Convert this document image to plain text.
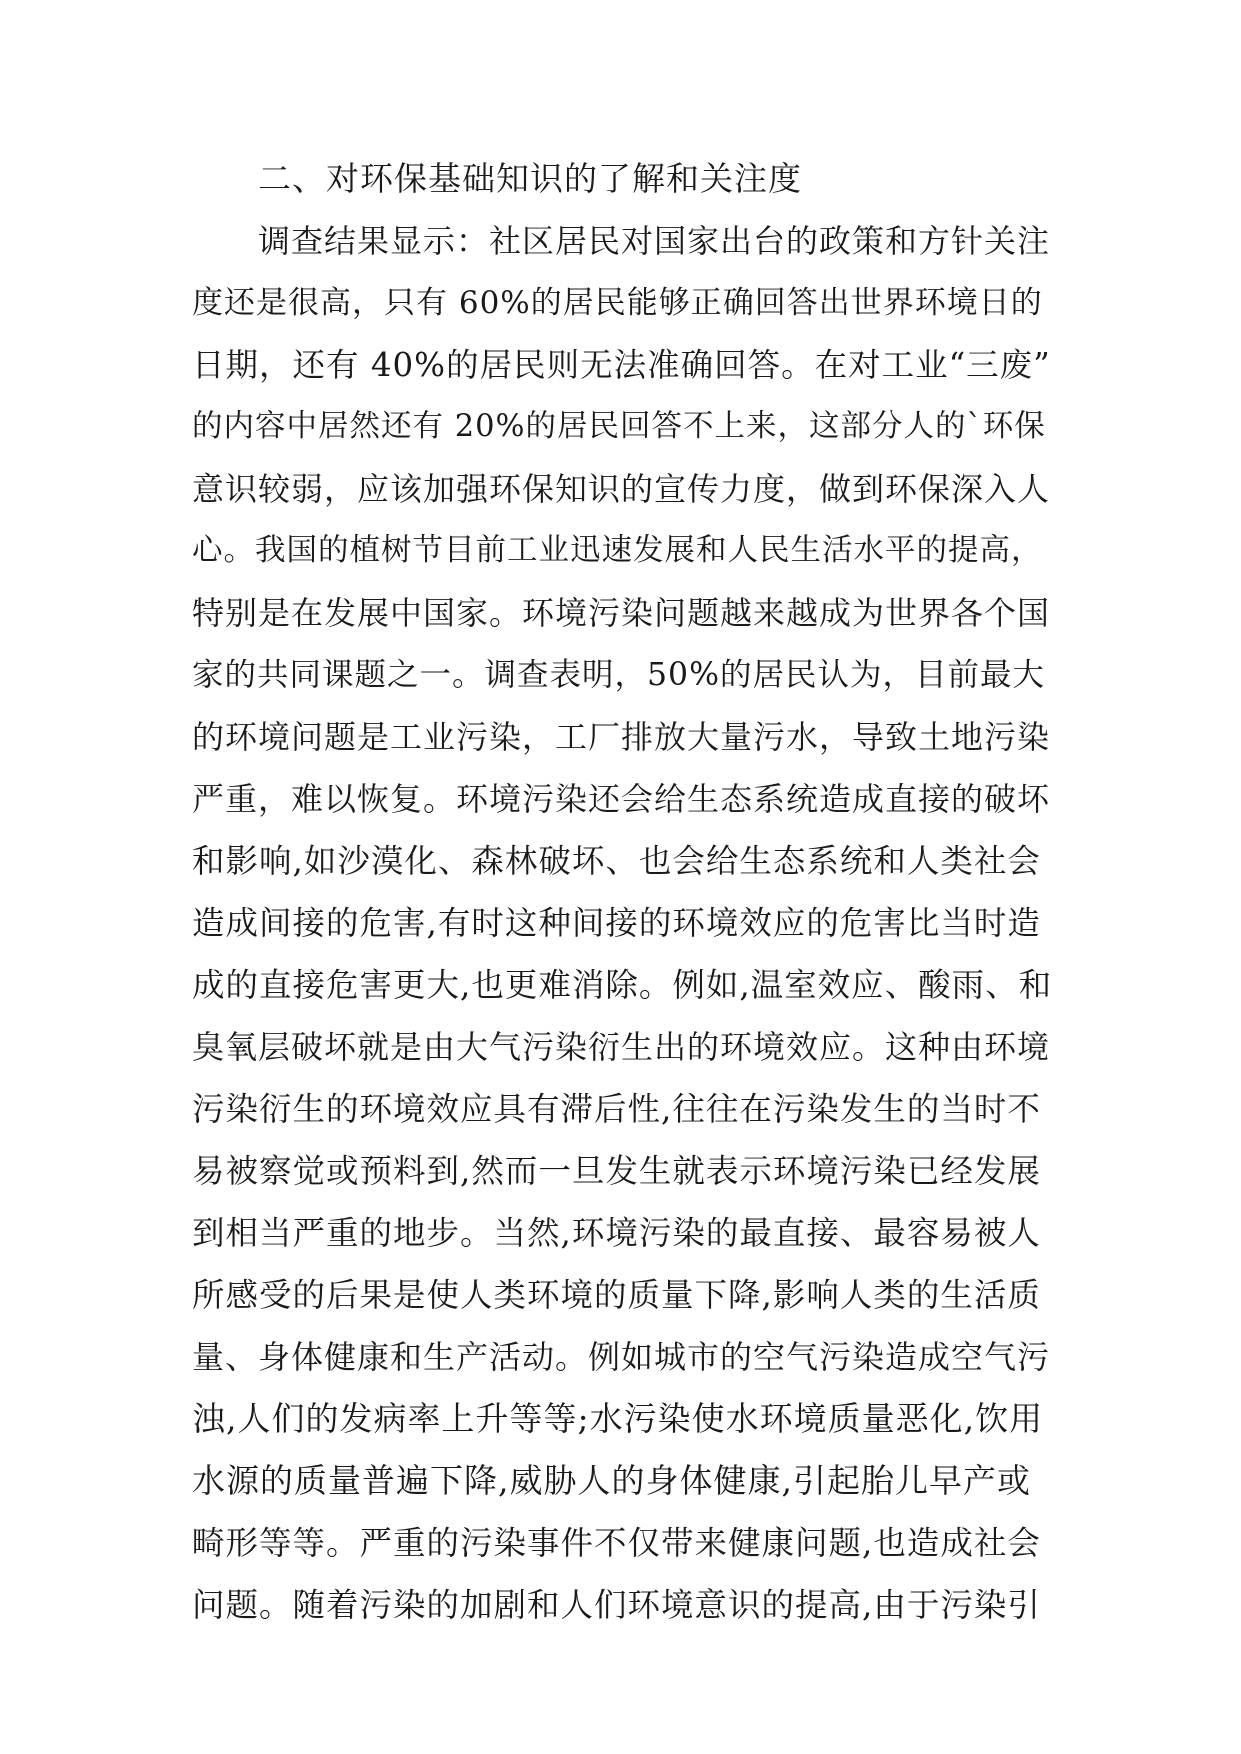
二、对环保基础知识的了解和关注度
调查结果显示：社区居民对国家出台的政策和方针关注
度还是很高，只有 60%的居民能够正确回答出世界环境日的
日期，还有 40%的居民则无法准确回答。在对工业“三废”
的内容中居然还有 20%的居民回答不上来，这部分人的`环保
意识较弱，应该加强环保知识的宣传力度，做到环保深入人
心。我国的植树节目前工业迅速发展和人民生活水平的提高，
特别是在发展中国家。环境污染问题越来越成为世界各个国
家的共同课题之一。调查表明，50%的居民认为，目前最大
的环境问题是工业污染，工厂排放大量污水，导致土地污染
严重，难以恢复。环境污染还会给生态系统造成直接的破坏
和影响,如沙漠化、森林破坏、也会给生态系统和人类社会
造成间接的危害,有时这种间接的环境效应的危害比当时造
成的直接危害更大,也更难消除。例如,温室效应、酸雨、和
臭氧层破坏就是由大气污染衍生出的环境效应。这种由环境
污染衍生的环境效应具有滞后性,往往在污染发生的当时不
易被察觉或预料到,然而一旦发生就表示环境污染已经发展
到相当严重的地步。当然,环境污染的最直接、最容易被人
所感受的后果是使人类环境的质量下降,影响人类的生活质
量、身体健康和生产活动。例如城市的空气污染造成空气污
浊,人们的发病率上升等等;水污染使水环境质量恶化,饮用
水源的质量普遍下降,威胁人的身体健康,引起胎儿早产或
畸形等等。严重的污染事件不仅带来健康问题,也造成社会
问题。随着污染的加剧和人们环境意识的提高,由于污染引
